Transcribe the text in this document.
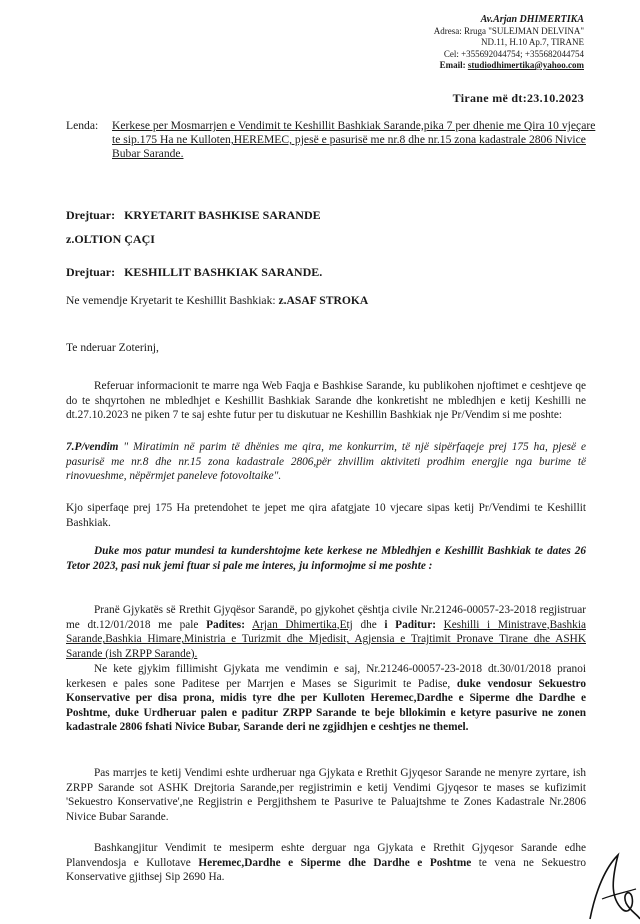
Av.Arjan DHIMERTIKA
Adresa: Rruga "SULEJMAN DELVINA"
ND.11, H.10 Ap.7, TIRANE
Cel: +355692044754; +355682044754
Email: studiodhimertika@yahoo.com
Tirane më dt:23.10.2023
Lenda: Kerkese per Mosmarrjen e Vendimit te Keshillit Bashkiak Sarande,pika 7 per dhenie me Qira 10 vjeçare te sip.175 Ha ne Kulloten,HEREMEC, pjesë e pasurisë me nr.8 dhe nr.15 zona kadastrale 2806 Nivice Bubar Sarande.
Drejtuar: KRYETARIT BASHKISE SARANDE
z.OLTION ÇAÇI
Drejtuar: KESHILLIT BASHKIAK SARANDE.
Ne vemendje Kryetarit te Keshillit Bashkiak: z.ASAF STROKA
Te nderuar Zoterinj,
Referuar informacionit te marre nga Web Faqja e Bashkise Sarande, ku publikohen njoftimet e ceshtjeve qe do te shqyrtohen ne mbledhjet e Keshillit Bashkiak Sarande dhe konkretisht ne mbledhjen e ketij Keshilli ne dt.27.10.2023 ne piken 7 te saj eshte futur per tu diskutuar ne Keshillin Bashkiak nje Pr/Vendim si me poshte:
7.P/vendim " Miratimin në parim të dhënies me qira, me konkurrim, të një sipërfaqeje prej 175 ha, pjesë e pasurisë me nr.8 dhe nr.15 zona kadastrale 2806,për zhvillim aktiviteti prodhim energjie nga burime të rinovueshme, nëpërmjet paneleve fotovoltaike".
Kjo siperfaqe prej 175 Ha pretendohet te jepet me qira afatgjate 10 vjecare sipas ketij Pr/Vendimi te Keshillit Bashkiak.
Duke mos patur mundesi ta kundershtojme kete kerkese ne Mbledhjen e Keshillit Bashkiak te dates 26 Tetor 2023, pasi nuk jemi ftuar si pale me interes, ju informojme si me poshte :
Pranë Gjykatës së Rrethit Gjyqësor Sarandë, po gjykohet çështja civile Nr.21246-00057-23-2018 regjistruar me dt.12/01/2018 me pale Padites: Arjan Dhimertika,Etj dhe i Paditur: Keshilli i Ministrave,Bashkia Sarande,Bashkia Himare,Ministria e Turizmit dhe Mjedisit, Agjensia e Trajtimit Pronave Tirane dhe ASHK Sarande (ish ZRPP Sarande).
Ne kete gjykim fillimisht Gjykata me vendimin e saj, Nr.21246-00057-23-2018 dt.30/01/2018 pranoi kerkesen e pales sone Paditese per Marrjen e Mases se Sigurimit te Padise, duke vendosur Sekuestro Konservative per disa prona, midis tyre dhe per Kulloten Heremec,Dardhe e Siperme dhe Dardhe e Poshtme, duke Urdheruar palen e paditur ZRPP Sarande te beje bllokimin e ketyre pasurive ne zonen kadastrale 2806 fshati Nivice Bubar, Sarande deri ne zgjidhjen e ceshtjes ne themel.
Pas marrjes te ketij Vendimi eshte urdheruar nga Gjykata e Rrethit Gjyqesor Sarande ne menyre zyrtare, ish ZRPP Sarande sot ASHK Drejtoria Sarande,per regjistrimin e ketij Vendimi Gjyqesor te mases se kufizimit 'Sekuestro Konservative',ne Regjistrin e Pergjithshem te Pasurive te Paluajtshme te Zones Kadastrale Nr.2806 Nivice Bubar Sarande.
Bashkangjitur Vendimit te mesiperm eshte derguar nga Gjykata e Rrethit Gjyqesor Sarande edhe Planvendosja e Kullotave Heremec,Dardhe e Siperme dhe Dardhe e Poshtme te vena ne Sekuestro Konservative gjithsej Sip 2690 Ha.
